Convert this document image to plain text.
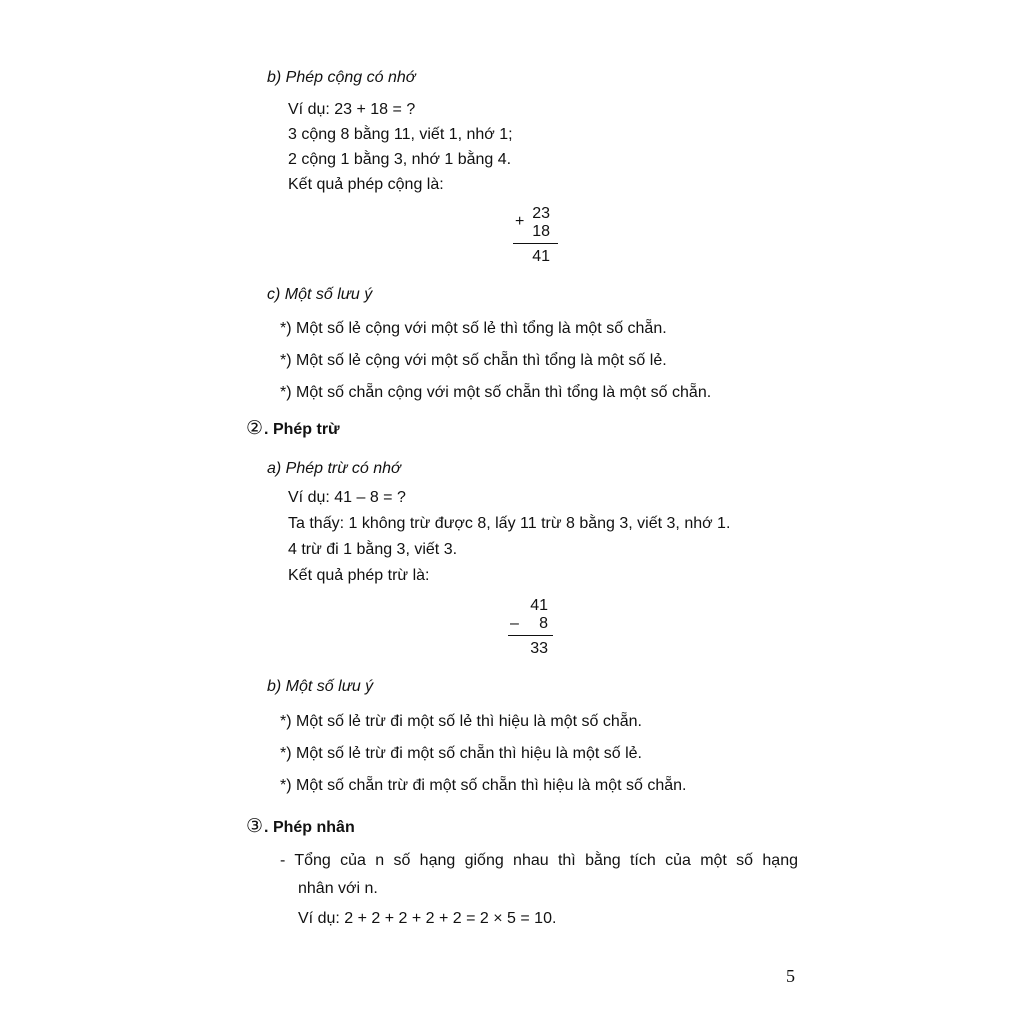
b) Phép cộng có nhớ
Ví dụ: 23 + 18 = ?
3 cộng 8 bằng 11, viết 1, nhớ 1;
2 cộng 1 bằng 3, nhớ 1 bằng 4.
Kết quả phép cộng là:
+ 23
18
41
c) Một số lưu ý
*) Một số lẻ cộng với một số lẻ thì tổng là một số chẵn.
*) Một số lẻ cộng với một số chẵn thì tổng là một số lẻ.
*) Một số chẵn cộng với một số chẵn thì tổng là một số chẵn.
②. Phép trừ
a) Phép trừ có nhớ
Ví dụ: 41 – 8 = ?
Ta thấy: 1 không trừ được 8, lấy 11 trừ 8 bằng 3, viết 3, nhớ 1.
4 trừ đi 1 bằng 3, viết 3.
Kết quả phép trừ là:
41
–	8
33
b) Một số lưu ý
*) Một số lẻ trừ đi một số lẻ thì hiệu là một số chẵn.
*) Một số lẻ trừ đi một số chẵn thì hiệu là một số lẻ.
*) Một số chẵn trừ đi một số chẵn thì hiệu là một số chẵn.
③. Phép nhân
- Tổng của n số hạng giống nhau thì bằng tích của một số hạng
nhân với n.
Ví dụ: 2 + 2 + 2 + 2 + 2 = 2 × 5 = 10.
5
